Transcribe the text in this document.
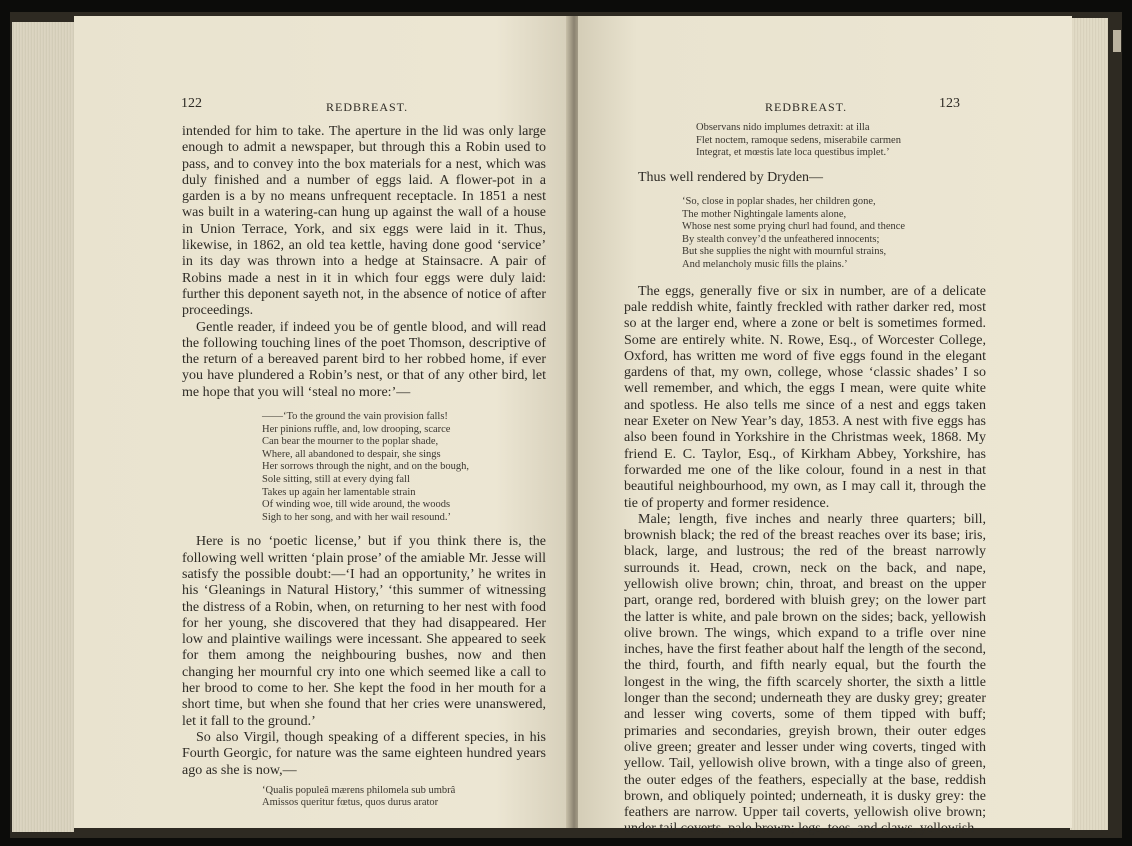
122	REDBREAST.

intended for him to take. The aperture in the lid was only large enough to admit a newspaper, but through this a Robin used to pass, and to convey into the box materials for a nest, which was duly finished and a number of eggs laid. A flower-pot in a garden is a by no means unfrequent receptacle. In 1851 a nest was built in a watering-can hung up against the wall of a house in Union Terrace, York, and six eggs were laid in it. Thus, likewise, in 1862, an old tea kettle, having done good ‘service’ in its day was thrown into a hedge at Stainsacre. A pair of Robins made a nest in it in which four eggs were duly laid: further this deponent sayeth not, in the absence of notice of after proceedings.

Gentle reader, if indeed you be of gentle blood, and will read the following touching lines of the poet Thomson, descriptive of the return of a bereaved parent bird to her robbed home, if ever you have plundered a Robin’s nest, or that of any other bird, let me hope that you will ‘steal no more:’—

——‘To the ground the vain provision falls!
Her pinions ruffle, and, low drooping, scarce
Can bear the mourner to the poplar shade,
Where, all abandoned to despair, she sings
Her sorrows through the night, and on the bough,
Sole sitting, still at every dying fall
Takes up again her lamentable strain
Of winding woe, till wide around, the woods
Sigh to her song, and with her wail resound.’

Here is no ‘poetic license,’ but if you think there is, the following well written ‘plain prose’ of the amiable Mr. Jesse will satisfy the possible doubt:—‘I had an opportunity,’ he writes in his ‘Gleanings in Natural History,’ ‘this summer of witnessing the distress of a Robin, when, on returning to her nest with food for her young, she discovered that they had disappeared. Her low and plaintive wailings were incessant. She appeared to seek for them among the neighbouring bushes, now and then changing her mournful cry into one which seemed like a call to her brood to come to her. She kept the food in her mouth for a short time, but when she found that her cries were unanswered, let it fall to the ground.’

So also Virgil, though speaking of a different species, in his Fourth Georgic, for nature was the same eighteen hundred years ago as she is now,—

‘Qualis populeâ mærens philomela sub umbrâ
Amissos queritur fœtus, quos durus arator
REDBREAST.	123
Observans nido implumes detraxit: at illa
Flet noctem, ramoque sedens, miserabile carmen
Integrat, et mœstis late loca questibus implet.’

Thus well rendered by Dryden—

‘So, close in poplar shades, her children gone,
The mother Nightingale laments alone,
Whose nest some prying churl had found, and thence
By stealth convey’d the unfeathered innocents;
But she supplies the night with mournful strains,
And melancholy music fills the plains.’

The eggs, generally five or six in number, are of a delicate pale reddish white, faintly freckled with rather darker red, most so at the larger end, where a zone or belt is sometimes formed. Some are entirely white. N. Rowe, Esq., of Worcester College, Oxford, has written me word of five eggs found in the elegant gardens of that, my own, college, whose ‘classic shades’ I so well remember, and which, the eggs I mean, were quite white and spotless. He also tells me since of a nest and eggs taken near Exeter on New Year’s day, 1853. A nest with five eggs has also been found in Yorkshire in the Christmas week, 1868. My friend E. C. Taylor, Esq., of Kirkham Abbey, Yorkshire, has forwarded me one of the like colour, found in a nest in that beautiful neighbourhood, my own, as I may call it, through the tie of property and former residence.

Male; length, five inches and nearly three quarters; bill, brownish black; the red of the breast reaches over its base; iris, black, large, and lustrous; the red of the breast narrowly surrounds it. Head, crown, neck on the back, and nape, yellowish olive brown; chin, throat, and breast on the upper part, orange red, bordered with bluish grey; on the lower part the latter is white, and pale brown on the sides; back, yellowish olive brown. The wings, which expand to a trifle over nine inches, have the first feather about half the length of the second, the third, fourth, and fifth nearly equal, but the fourth the longest in the wing, the fifth scarcely shorter, the sixth a little longer than the second; underneath they are dusky grey; greater and lesser wing coverts, some of them tipped with buff; primaries and secondaries, greyish brown, their outer edges olive green; greater and lesser under wing coverts, tinged with yellow. Tail, yellowish olive brown, with a tinge also of green, the outer edges of the feathers, especially at the base, reddish brown, and obliquely pointed; underneath, it is dusky grey: the feathers are narrow. Upper tail coverts, yellowish olive brown; under tail coverts, pale brown; legs, toes, and claws, yellowish
